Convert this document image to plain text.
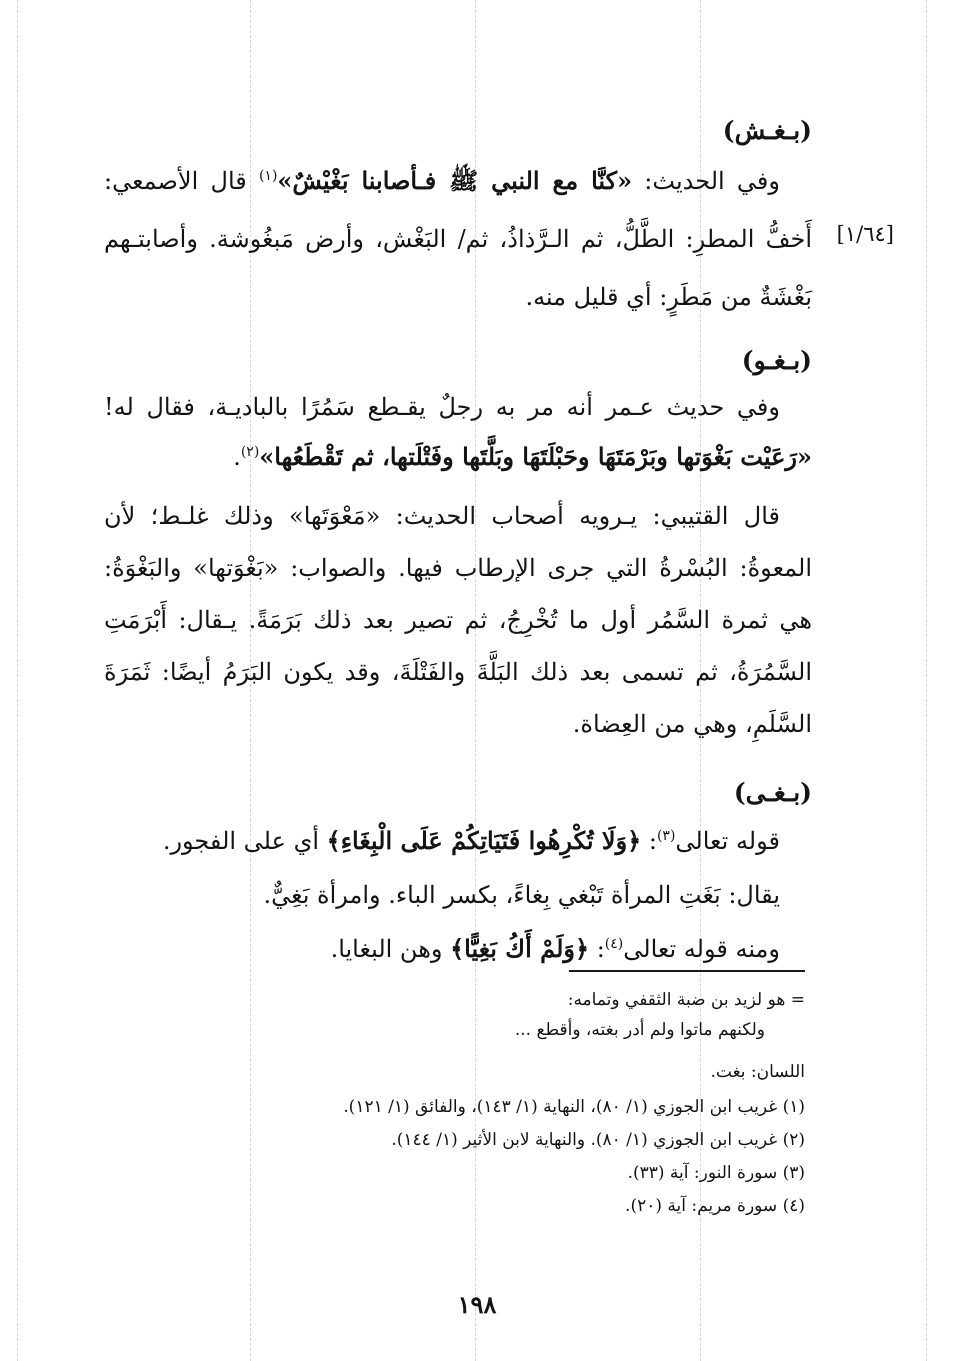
[١/٦٤]
(بـغـش)

وفي الحديث: «كنَّا مع النبي ﷺ فـأصابنا بَغْيْشٌ»$^{(١)}$ قال الأصمعي: أَخفُّ المطرِ: الطَّلُّ، ثم الـرَّذاذُ، ثم/ البَغْش، وأرض مَبغُوشة. وأصابتـهم بَغْشَةٌ من مَطَرٍ: أي قليل منه.

(بـغـو)

وفي حديث عـمر أنه مر به رجلٌ يقـطع سَمُرًا بالباديـة، فقال له! «رَعَيْت بَغْوَتها وبَرْمَتَهَا وحَبْلَتَهَا وبَلَّتَها وفَتْلَتها، ثم تَقْطَعُها»$^{(٢)}$.

قال القتيبي: يـرويه أصحاب الحديث: «مَعْوَتَها» وذلك غلـط؛ لأن المعوةُ: البُسْرةُ التي جرى الإرطاب فيها. والصواب: «بَغْوَتها» والبَغْوَةُ: هي ثمرة السَّمُر أول ما تُخْرِجُ، ثم تصير بعد ذلك بَرَمَةً. يـقال: أَبْرَمَتِ السَّمُرَةُ، ثم تسمى بعد ذلك البَلَّةَ والفَتْلَةَ، وقد يكون البَرَمُ أيضًا: ثَمَرَةَ السَّلَمِ، وهي من العِضاة.

(بـغـى)

قوله تعالى$^{(٣)}$: ﴿وَلَا تُكْرِهُوا فَتَيَاتِكُمْ عَلَى الْبِغَاءِ﴾ أي على الفجور.

يقال: بَغَتِ المرأة تَبْغي بِغاءً، بكسر الباء. وامرأة بَغِيٌّ.

ومنه قوله تعالى$^{(٤)}$: ﴿وَلَمْ أَكُ بَغِيًّا﴾ وهن البغايا.

= هو لزيد بن ضبة الثقفي وتمامه:

ولكنهم ماتوا ولم أدر بغته، وأقطع ...

اللسان: بغت.

(١) غريب ابن الجوزي (١/ ٨٠)، النهاية (١/ ١٤٣)، والفائق (١/ ١٢١).

(٢) غريب ابن الجوزي (١/ ٨٠). والنهاية لابن الأثير (١/ ١٤٤).

(٣) سورة النور: آية (٣٣).

(٤) سورة مريم: آية (٢٠).

١٩٨
